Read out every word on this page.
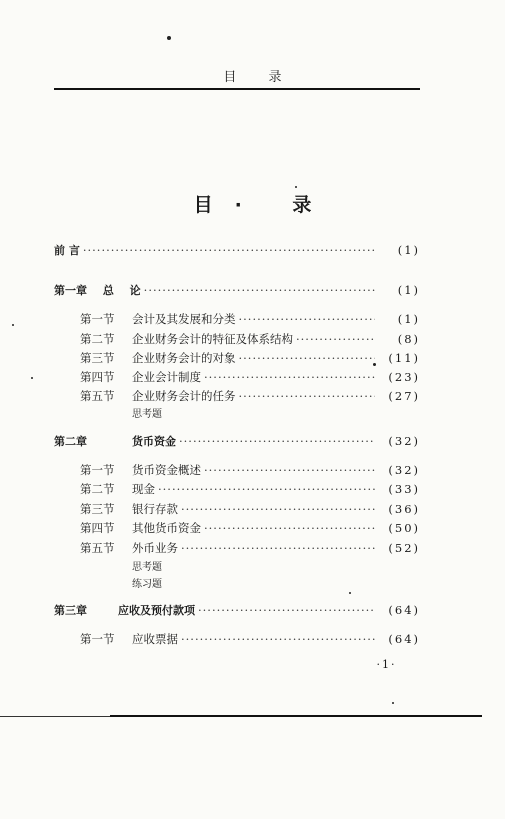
目 录
目· 录
前 言 ·····	(1)
第一章 总 论 ·····	(1)
第一节	会计及其发展和分类 ·····	(1)
第二节	企业财务会计的特征及体系结构 ·····	(8)
第三节	企业财务会计的对象 ·····	(11)
第四节	企业会计制度 ·····	(23)
第五节	企业财务会计的任务 ·····	(27)
思考题
第二章	货币资金 ·····	(32)
第一节	货币资金概述 ·····	(32)
第二节	现金 ·····	(33)
第三节	银行存款 ·····	(36)
第四节	其他货币资金 ·····	(50)
第五节	外币业务 ·····	(52)
思考题
练习题
第三章	应收及预付款项 ·····	(64)
第一节	应收票据 ·····	(64)
·1·
